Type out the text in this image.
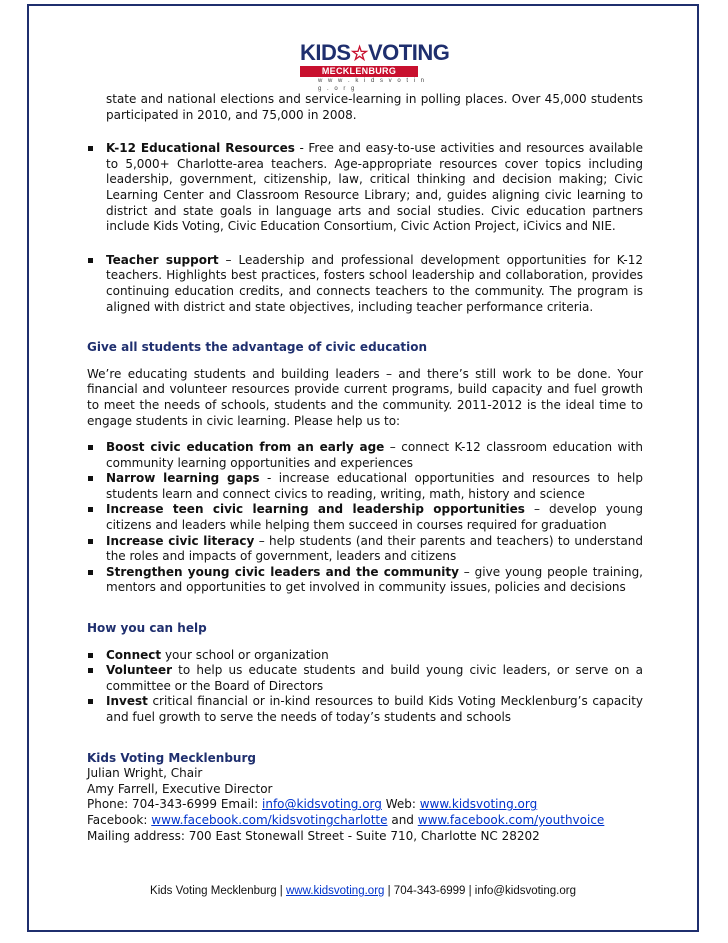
KIDS☆VOTING
MECKLENBURG
w w w . k i d s v o t i n g . o r g

state and national elections and service-learning in polling places. Over 45,000 students participated in 2010, and 75,000 in 2008.

K-12 Educational Resources - Free and easy-to-use activities and resources available to 5,000+ Charlotte-area teachers. Age-appropriate resources cover topics including leadership, government, citizenship, law, critical thinking and decision making; Civic Learning Center and Classroom Resource Library; and, guides aligning civic learning to district and state goals in language arts and social studies. Civic education partners include Kids Voting, Civic Education Consortium, Civic Action Project, iCivics and NIE.
Teacher support – Leadership and professional development opportunities for K-12 teachers. Highlights best practices, fosters school leadership and collaboration, provides continuing education credits, and connects teachers to the community. The program is aligned with district and state objectives, including teacher performance criteria.

Give all students the advantage of civic education

We’re educating students and building leaders – and there’s still work to be done. Your financial and volunteer resources provide current programs, build capacity and fuel growth to meet the needs of schools, students and the community. 2011-2012 is the ideal time to engage students in civic learning. Please help us to:

Boost civic education from an early age – connect K-12 classroom education with community learning opportunities and experiences
Narrow learning gaps - increase educational opportunities and resources to help students learn and connect civics to reading, writing, math, history and science
Increase teen civic learning and leadership opportunities – develop young citizens and leaders while helping them succeed in courses required for graduation
Increase civic literacy – help students (and their parents and teachers) to understand the roles and impacts of government, leaders and citizens
Strengthen young civic leaders and the community – give young people training, mentors and opportunities to get involved in community issues, policies and decisions

How you can help

Connect your school or organization
Volunteer to help us educate students and build young civic leaders, or serve on a committee or the Board of Directors
Invest critical financial or in-kind resources to build Kids Voting Mecklenburg’s capacity and fuel growth to serve the needs of today’s students and schools

Kids Voting Mecklenburg

Julian Wright, Chair

Amy Farrell, Executive Director

Phone: 704-343-6999 Email: info@kidsvoting.org Web: www.kidsvoting.org

Facebook: www.facebook.com/kidsvotingcharlotte and www.facebook.com/youthvoice

Mailing address: 700 East Stonewall Street - Suite 710, Charlotte NC 28202

Kids Voting Mecklenburg | www.kidsvoting.org | 704-343-6999 | info@kidsvoting.org
